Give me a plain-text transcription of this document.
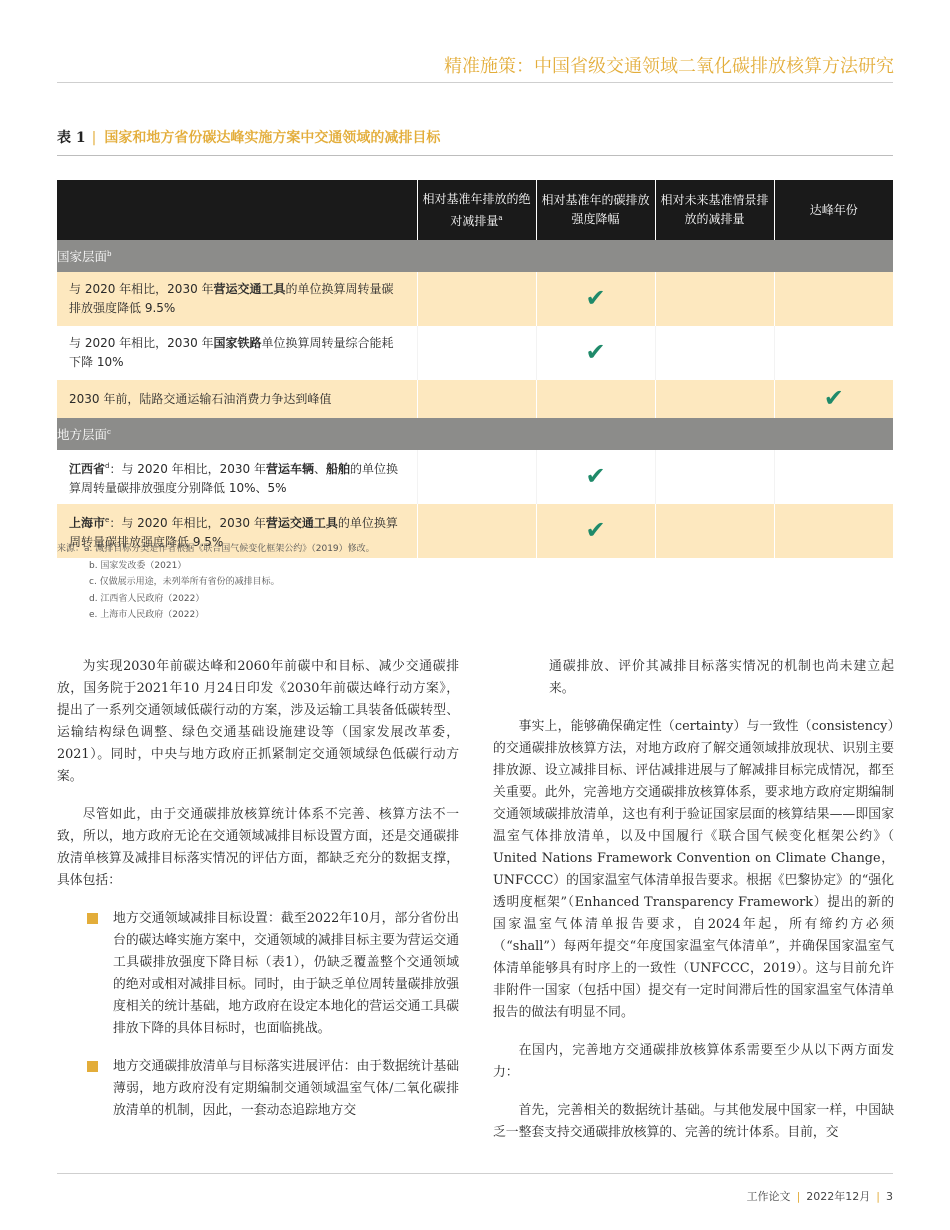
精准施策：中国省级交通领域二氧化碳排放核算方法研究
表 1 | 国家和地方省份碳达峰实施方案中交通领域的减排目标
	相对基准年排放的绝对减排量$^a$	相对基准年的碳排放强度降幅	相对未来基准情景排放的减排量	达峰年份
国家层面$^b$
与 2020 年相比，2030 年营运交通工具的单位换算周转量碳排放强度降低 9.5%		✔		
与 2020 年相比，2030 年国家铁路单位换算周转量综合能耗下降 10%		✔		
2030 年前，陆路交通运输石油消费力争达到峰值				✔
地方层面$^c$
江西省$^d$：与 2020 年相比，2030 年营运车辆、船舶的单位换算周转量碳排放强度分别降低 10%、5%		✔		
上海市$^e$：与 2020 年相比，2030 年营运交通工具的单位换算周转量碳排放强度降低 9.5%		✔		
来源：a. 减排目标分类是作者根据《联合国气候变化框架公约》（2019）修改。
b. 国家发改委（2021）
c. 仅做展示用途，未列举所有省份的减排目标。
d. 江西省人民政府（2022）
e. 上海市人民政府（2022）

为实现2030年前碳达峰和2060年前碳中和目标、减少交通碳排放，国务院于2021年10 月24日印发《2030年前碳达峰行动方案》，提出了一系列交通领域低碳行动的方案，涉及运输工具装备低碳转型、运输结构绿色调整、绿色交通基础设施建设等（国家发展改革委，2021）。同时，中央与地方政府正抓紧制定交通领域绿色低碳行动方案。

尽管如此，由于交通碳排放核算统计体系不完善、核算方法不一致，所以，地方政府无论在交通领域减排目标设置方面，还是交通碳排放清单核算及减排目标落实情况的评估方面，都缺乏充分的数据支撑，具体包括：

地方交通领域减排目标设置：截至2022年10月，部分省份出台的碳达峰实施方案中，交通领域的减排目标主要为营运交通工具碳排放强度下降目标（表1），仍缺乏覆盖整个交通领域的绝对或相对减排目标。同时，由于缺乏单位周转量碳排放强度相关的统计基础，地方政府在设定本地化的营运交通工具碳排放下降的具体目标时，也面临挑战。
地方交通碳排放清单与目标落实进展评估：由于数据统计基础薄弱，地方政府没有定期编制交通领域温室气体/二氧化碳排放清单的机制，因此，一套动态追踪地方交
通碳排放、评价其减排目标落实情况的机制也尚未建立起来。

事实上，能够确保确定性（certainty）与一致性（consistency）的交通碳排放核算方法，对地方政府了解交通领域排放现状、识别主要排放源、设立减排目标、评估减排进展与了解减排目标完成情况，都至关重要。此外，完善地方交通碳排放核算体系，要求地方政府定期编制交通领域碳排放清单，这也有利于验证国家层面的核算结果——即国家温室气体排放清单，以及中国履行《联合国气候变化框架公约》（ United Nations Framework Convention on Climate Change，UNFCCC）的国家温室气体清单报告要求。根据《巴黎协定》的“强化透明度框架”（Enhanced Transparency Framework）提出的新的国家温室气体清单报告要求，自2024年起，所有缔约方必须（“shall”）每两年提交“年度国家温室气体清单”，并确保国家温室气体清单能够具有时序上的一致性（UNFCCC，2019）。这与目前允许非附件一国家（包括中国）提交有一定时间滞后性的国家温室气体清单报告的做法有明显不同。

在国内，完善地方交通碳排放核算体系需要至少从以下两方面发力：

首先，完善相关的数据统计基础。与其他发展中国家一样，中国缺乏一整套支持交通碳排放核算的、完善的统计体系。目前，交

工作论文 | 2022年12月 | 3
